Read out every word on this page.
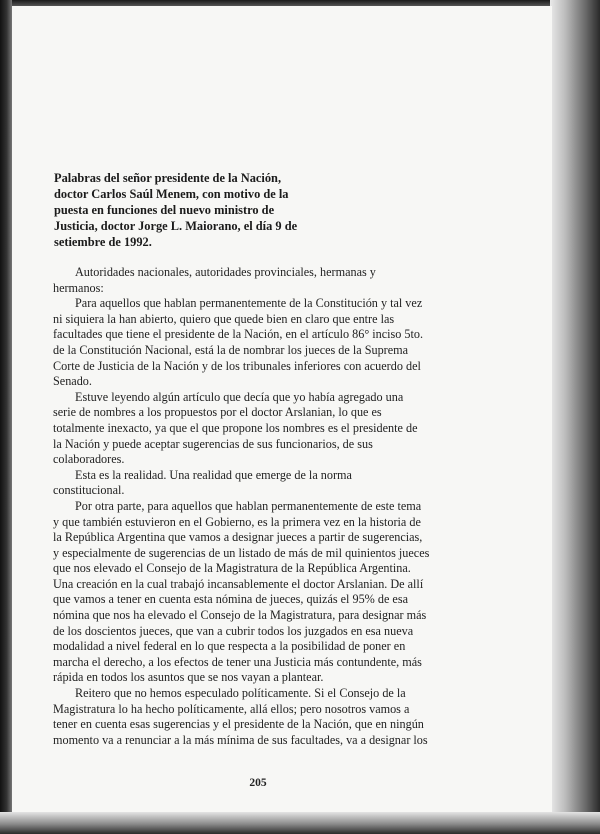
Palabras del señor presidente de la Nación,
doctor Carlos Saúl Menem, con motivo de la
puesta en funciones del nuevo ministro de
Justicia, doctor Jorge L. Maiorano, el día 9 de
setiembre de 1992.
Autoridades nacionales, autoridades provinciales, hermanas y
hermanos:
Para aquellos que hablan permanentemente de la Constitución y tal vez
ni siquiera la han abierto, quiero que quede bien en claro que entre las
facultades que tiene el presidente de la Nación, en el artículo 86° inciso 5to.
de la Constitución Nacional, está la de nombrar los jueces de la Suprema
Corte de Justicia de la Nación y de los tribunales inferiores con acuerdo del
Senado.
Estuve leyendo algún artículo que decía que yo había agregado una
serie de nombres a los propuestos por el doctor Arslanian, lo que es
totalmente inexacto, ya que el que propone los nombres es el presidente de
la Nación y puede aceptar sugerencias de sus funcionarios, de sus
colaboradores.
Esta es la realidad. Una realidad que emerge de la norma
constitucional.
Por otra parte, para aquellos que hablan permanentemente de este tema
y que también estuvieron en el Gobierno, es la primera vez en la historia de
la República Argentina que vamos a designar jueces a partir de sugerencias,
y especialmente de sugerencias de un listado de más de mil quinientos jueces
que nos elevado el Consejo de la Magistratura de la República Argentina.
Una creación en la cual trabajó incansablemente el doctor Arslanian. De allí
que vamos a tener en cuenta esta nómina de jueces, quizás el 95% de esa
nómina que nos ha elevado el Consejo de la Magistratura, para designar más
de los doscientos jueces, que van a cubrir todos los juzgados en esa nueva
modalidad a nivel federal en lo que respecta a la posibilidad de poner en
marcha el derecho, a los efectos de tener una Justicia más contundente, más
rápida en todos los asuntos que se nos vayan a plantear.
Reitero que no hemos especulado políticamente. Si el Consejo de la
Magistratura lo ha hecho políticamente, allá ellos; pero nosotros vamos a
tener en cuenta esas sugerencias y el presidente de la Nación, que en ningún
momento va a renunciar a la más mínima de sus facultades, va a designar los
205
